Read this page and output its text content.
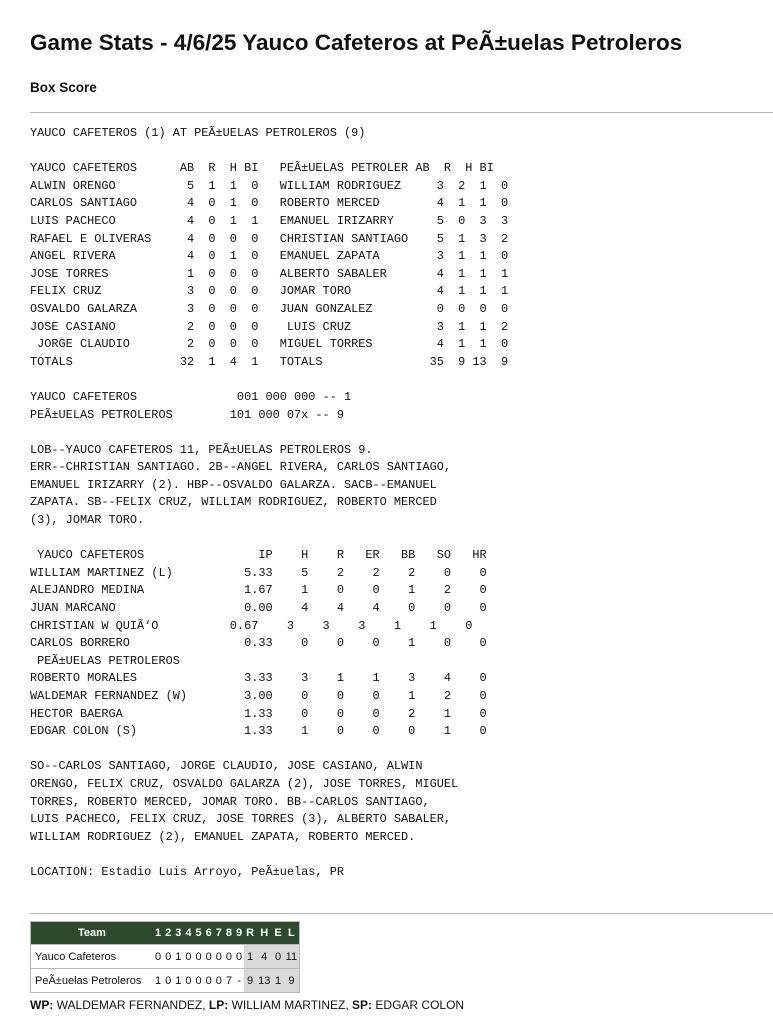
Game Stats - 4/6/25 Yauco Cafeteros at PeÃ±uelas Petroleros
Box Score
YAUCO CAFETEROS (1) AT PEÃ±UELAS PETROLEROS (9)

YAUCO CAFETEROS      AB  R  H BI   PEÃ±UELAS PETROLER AB  R  H BI
ALWIN ORENGO          5  1  1  0   WILLIAM RODRIGUEZ     3  2  1  0
CARLOS SANTIAGO       4  0  1  0   ROBERTO MERCED        4  1  1  0
LUIS PACHECO          4  0  1  1   EMANUEL IRIZARRY      5  0  3  3
RAFAEL E OLIVERAS     4  0  0  0   CHRISTIAN SANTIAGO    5  1  3  2
ANGEL RIVERA          4  0  1  0   EMANUEL ZAPATA        3  1  1  0
JOSE TORRES           1  0  0  0   ALBERTO SABALER       4  1  1  1
FELIX CRUZ            3  0  0  0   JOMAR TORO            4  1  1  1
OSVALDO GALARZA       3  0  0  0   JUAN GONZALEZ         0  0  0  0
JOSE CASIANO          2  0  0  0    LUIS CRUZ            3  1  1  2
JORGE CLAUDIO        2  0  0  0   MIGUEL TORRES         4  1  1  0
TOTALS               32  1  4  1   TOTALS               35  9 13  9

YAUCO CAFETEROS              001 000 000 -- 1
PEÃ±UELAS PETROLEROS        101 000 07x -- 9

LOB--YAUCO CAFETEROS 11, PEÃ±UELAS PETROLEROS 9.
ERR--CHRISTIAN SANTIAGO. 2B--ANGEL RIVERA, CARLOS SANTIAGO,
EMANUEL IRIZARRY (2). HBP--OSVALDO GALARZA. SACB--EMANUEL
ZAPATA. SB--FELIX CRUZ, WILLIAM RODRIGUEZ, ROBERTO MERCED
(3), JOMAR TORO.

YAUCO CAFETEROS                IP    H    R   ER   BB   SO   HR
WILLIAM MARTINEZ (L)          5.33    5    2    2    2    0    0
ALEJANDRO MEDINA              1.67    1    0    0    1    2    0
JUAN MARCANO                  0.00    4    4    4    0    0    0
CHRISTIAN W QUIÃ‘O          0.67    3    3    3    1    1    0
CARLOS BORRERO                0.33    0    0    0    1    0    0
PEÃ±UELAS PETROLEROS
ROBERTO MORALES               3.33    3    1    1    3    4    0
WALDEMAR FERNANDEZ (W)        3.00    0    0    0    1    2    0
HECTOR BAERGA                 1.33    0    0    0    2    1    0
EDGAR COLON (S)               1.33    1    0    0    0    1    0

SO--CARLOS SANTIAGO, JORGE CLAUDIO, JOSE CASIANO, ALWIN
ORENGO, FELIX CRUZ, OSVALDO GALARZA (2), JOSE TORRES, MIGUEL
TORRES, ROBERTO MERCED, JOMAR TORO. BB--CARLOS SANTIAGO,
LUIS PACHECO, FELIX CRUZ, JOSE TORRES (3), ALBERTO SABALER,
WILLIAM RODRIGUEZ (2), EMANUEL ZAPATA, ROBERTO MERCED.

LOCATION: Estadio Luis Arroyo, PeÃ±uelas, PR
Team	1	2	3	4	5	6	7	8	9	R	H	E	L
Yauco Cafeteros	0	0	1	0	0	0	0	0	0	1	4	0	11
PeÃ±uelas Petroleros	1	0	1	0	0	0	0	7	-	9	13	1	9
WP: WALDEMAR FERNANDEZ, LP: WILLIAM MARTINEZ, SP: EDGAR COLON
